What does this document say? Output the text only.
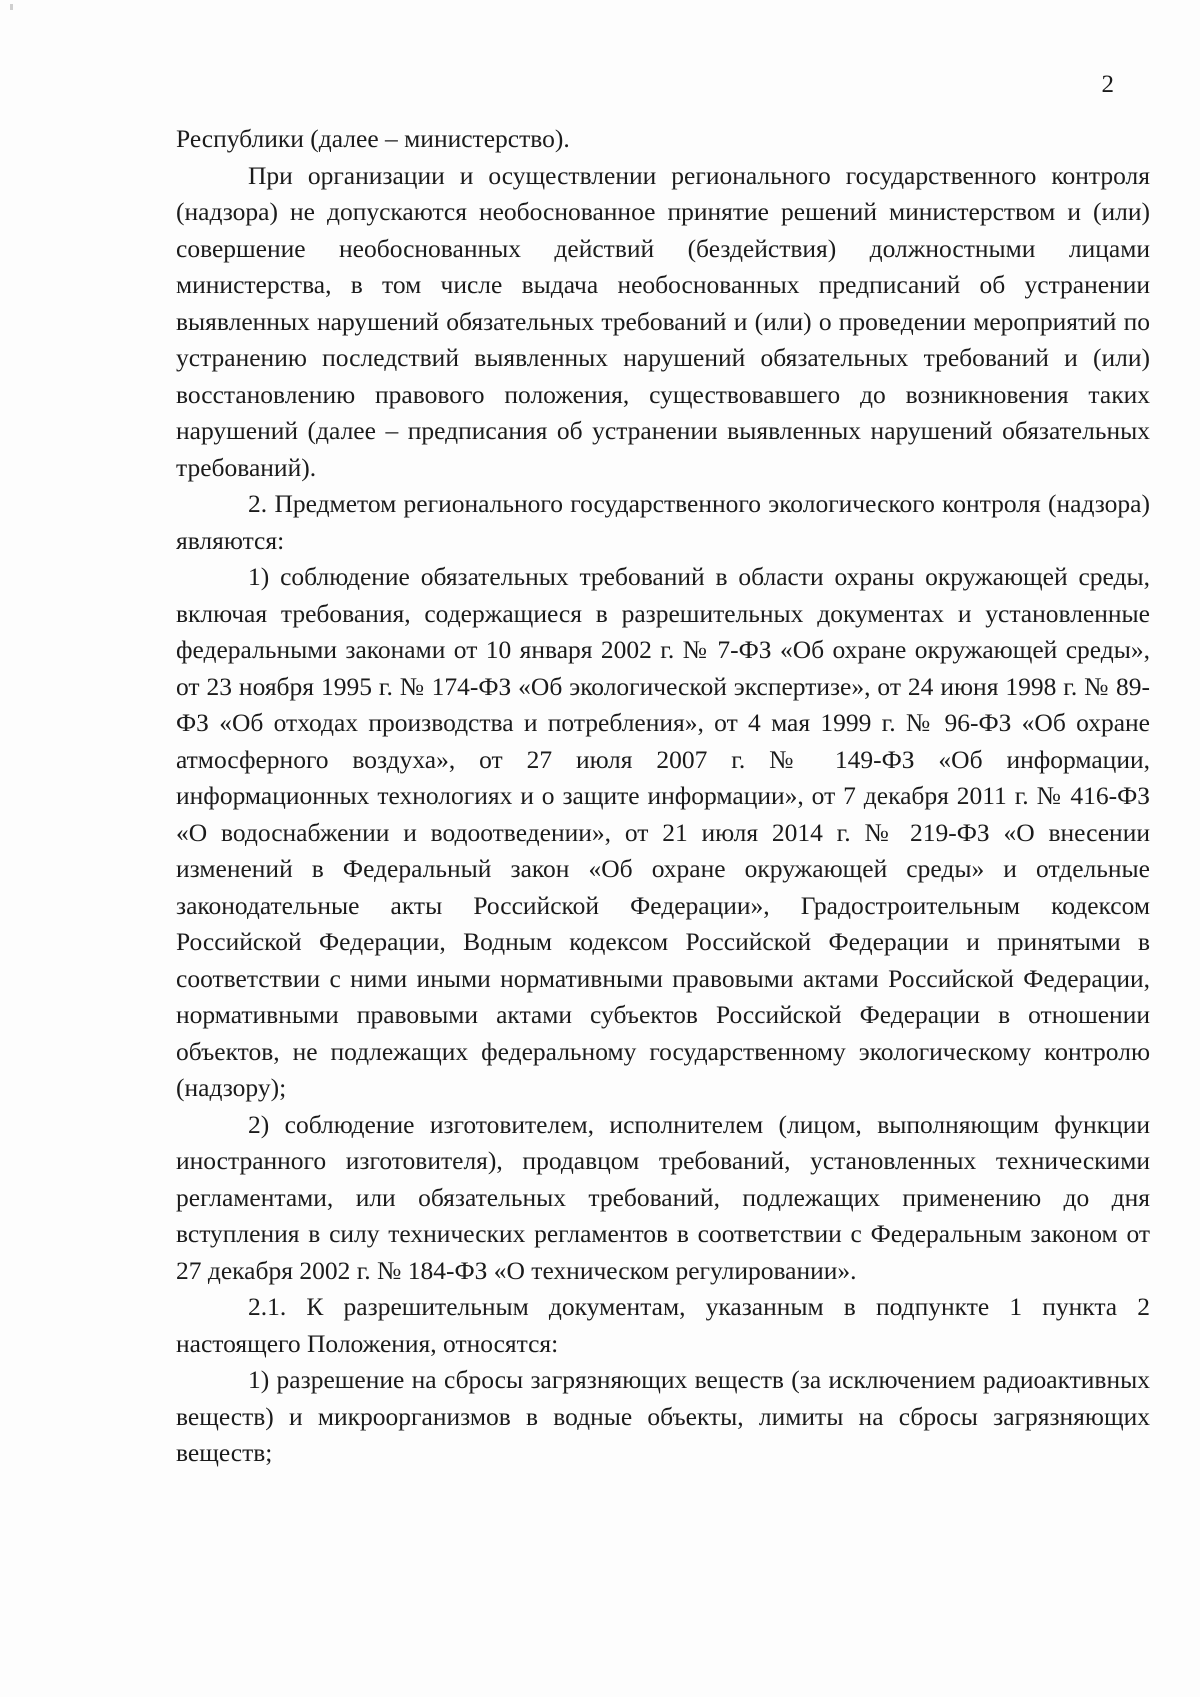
2

Республики (далее – министерство).

При организации и осуществлении регионального государственного контроля (надзора) не допускаются необоснованное принятие решений министерством и (или) совершение необоснованных действий (бездействия) должностными лицами министерства, в том числе выдача необоснованных предписаний об устранении выявленных нарушений обязательных требований и (или) о проведении мероприятий по устранению последствий выявленных нарушений обязательных требований и (или) восстановлению правового положения, существовавшего до возникновения таких нарушений (далее – предписания об устранении выявленных нарушений обязательных требований).

2. Предметом регионального государственного экологического контроля (надзора) являются:

1) соблюдение обязательных требований в области охраны окружающей среды, включая требования, содержащиеся в разрешительных документах и установленные федеральными законами от 10 января 2002 г. № 7-ФЗ «Об охране окружающей среды», от 23 ноября 1995 г. № 174-ФЗ «Об экологической экспертизе», от 24 июня 1998 г. № 89-ФЗ «Об отходах производства и потребления», от 4 мая 1999 г. № 96-ФЗ «Об охране атмосферного воздуха», от 27 июля 2007 г. № 149-ФЗ «Об информации, информационных технологиях и о защите информации», от 7 декабря 2011 г. № 416-ФЗ «О водоснабжении и водоотведении», от 21 июля 2014 г. № 219-ФЗ «О внесении изменений в Федеральный закон «Об охране окружающей среды» и отдельные законодательные акты Российской Федерации», Градостроительным кодексом Российской Федерации, Водным кодексом Российской Федерации и принятыми в соответствии с ними иными нормативными правовыми актами Российской Федерации, нормативными правовыми актами субъектов Российской Федерации в отношении объектов, не подлежащих федеральному государственному экологическому контролю (надзору);

2) соблюдение изготовителем, исполнителем (лицом, выполняющим функции иностранного изготовителя), продавцом требований, установленных техническими регламентами, или обязательных требований, подлежащих применению до дня вступления в силу технических регламентов в соответствии с Федеральным законом от 27 декабря 2002 г. № 184-ФЗ «О техническом регулировании».

2.1. К разрешительным документам, указанным в подпункте 1 пункта 2 настоящего Положения, относятся:

1) разрешение на сбросы загрязняющих веществ (за исключением радиоактивных веществ) и микроорганизмов в водные объекты, лимиты на сбросы загрязняющих веществ;
